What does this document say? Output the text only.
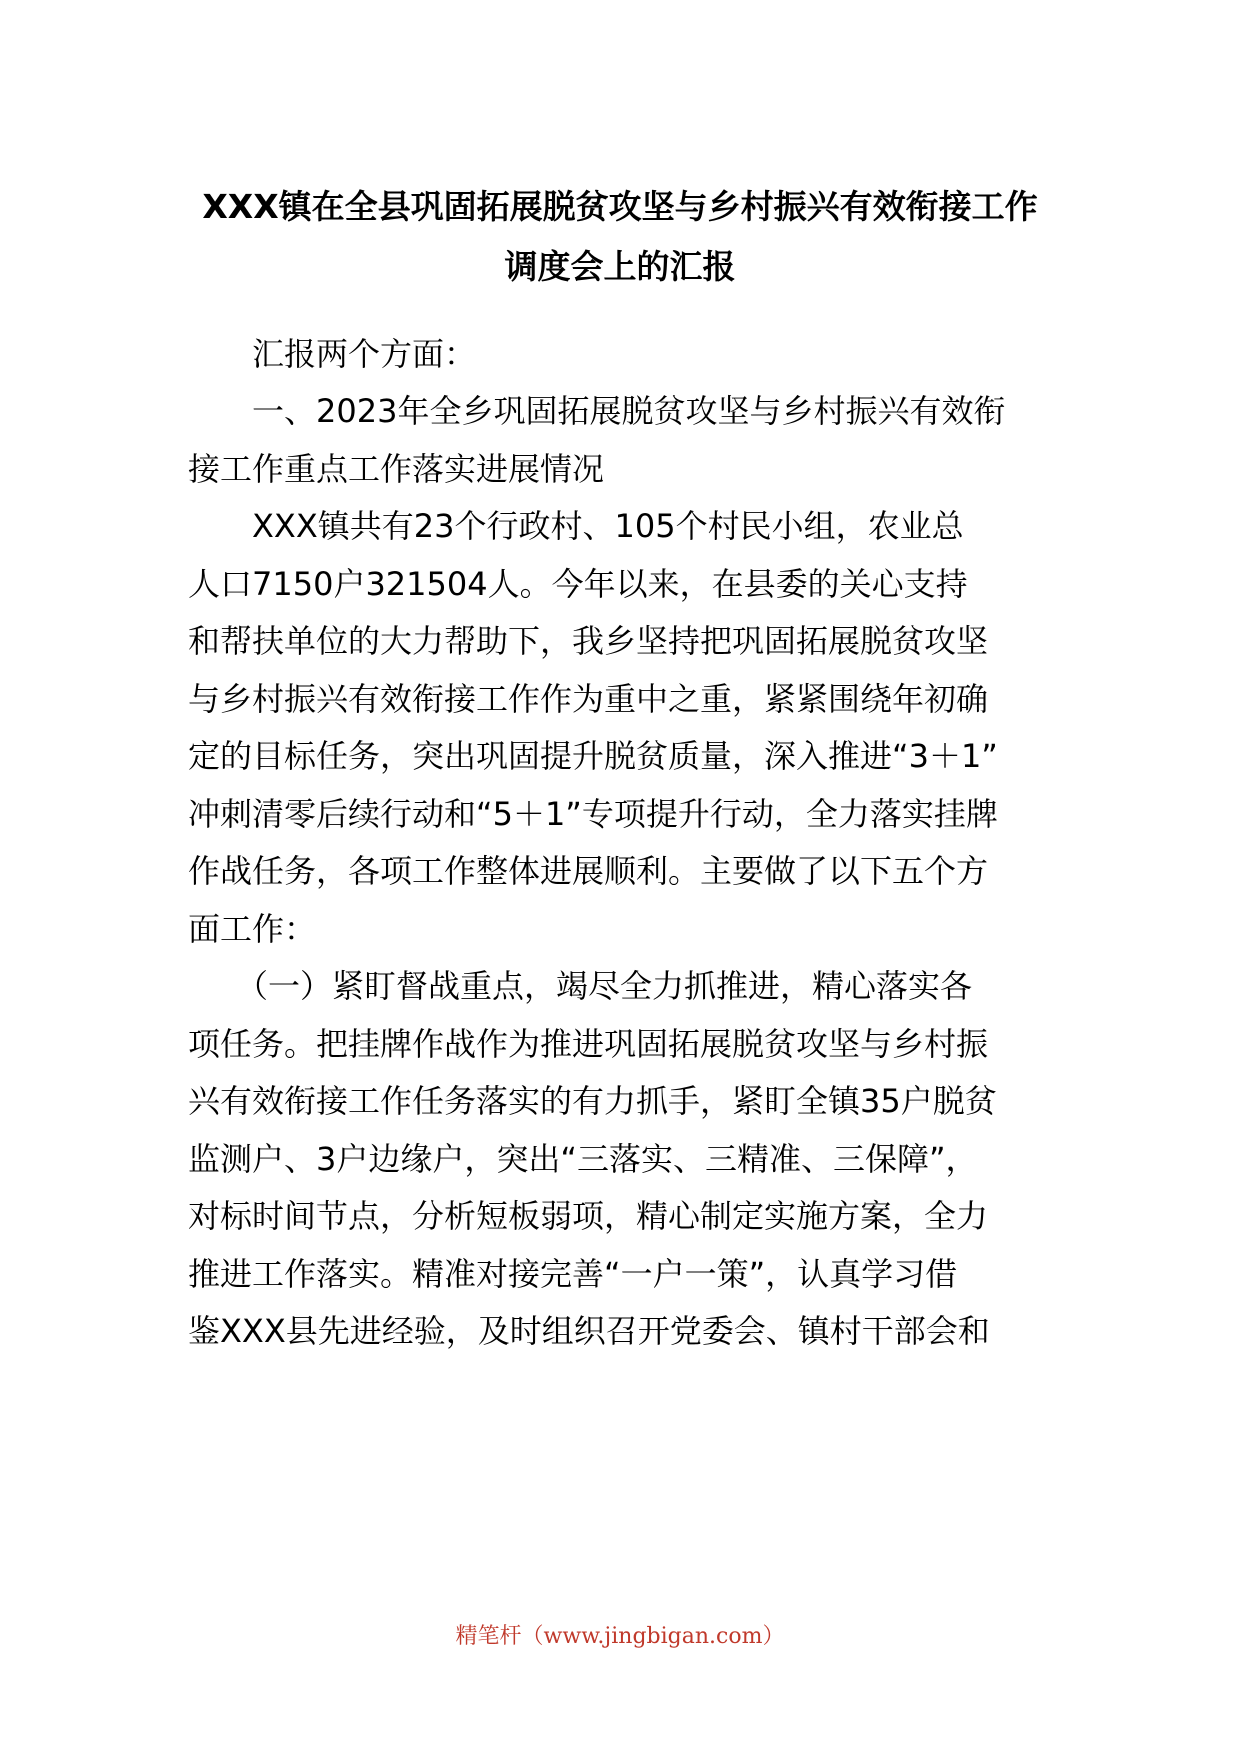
XXX镇在全县巩固拓展脱贫攻坚与乡村振兴有效衔接工作
调度会上的汇报
　　汇报两个方面：
　　一、2023年全乡巩固拓展脱贫攻坚与乡村振兴有效衔
接工作重点工作落实进展情况
　　XXX镇共有23个行政村、105个村民小组，农业总
人口7150户321504人。今年以来，在县委的关心支持
和帮扶单位的大力帮助下，我乡坚持把巩固拓展脱贫攻坚
与乡村振兴有效衔接工作作为重中之重，紧紧围绕年初确
定的目标任务，突出巩固提升脱贫质量，深入推进“3＋1”
冲刺清零后续行动和“5＋1”专项提升行动，全力落实挂牌
作战任务，各项工作整体进展顺利。主要做了以下五个方
面工作：
　　（一）紧盯督战重点，竭尽全力抓推进，精心落实各
项任务。把挂牌作战作为推进巩固拓展脱贫攻坚与乡村振
兴有效衔接工作任务落实的有力抓手，紧盯全镇35户脱贫
监测户、3户边缘户，突出“三落实、三精准、三保障”，
对标时间节点，分析短板弱项，精心制定实施方案，全力
推进工作落实。精准对接完善“一户一策”，认真学习借
鉴XXX县先进经验，及时组织召开党委会、镇村干部会和
精笔杆（www.jingbigan.com）
